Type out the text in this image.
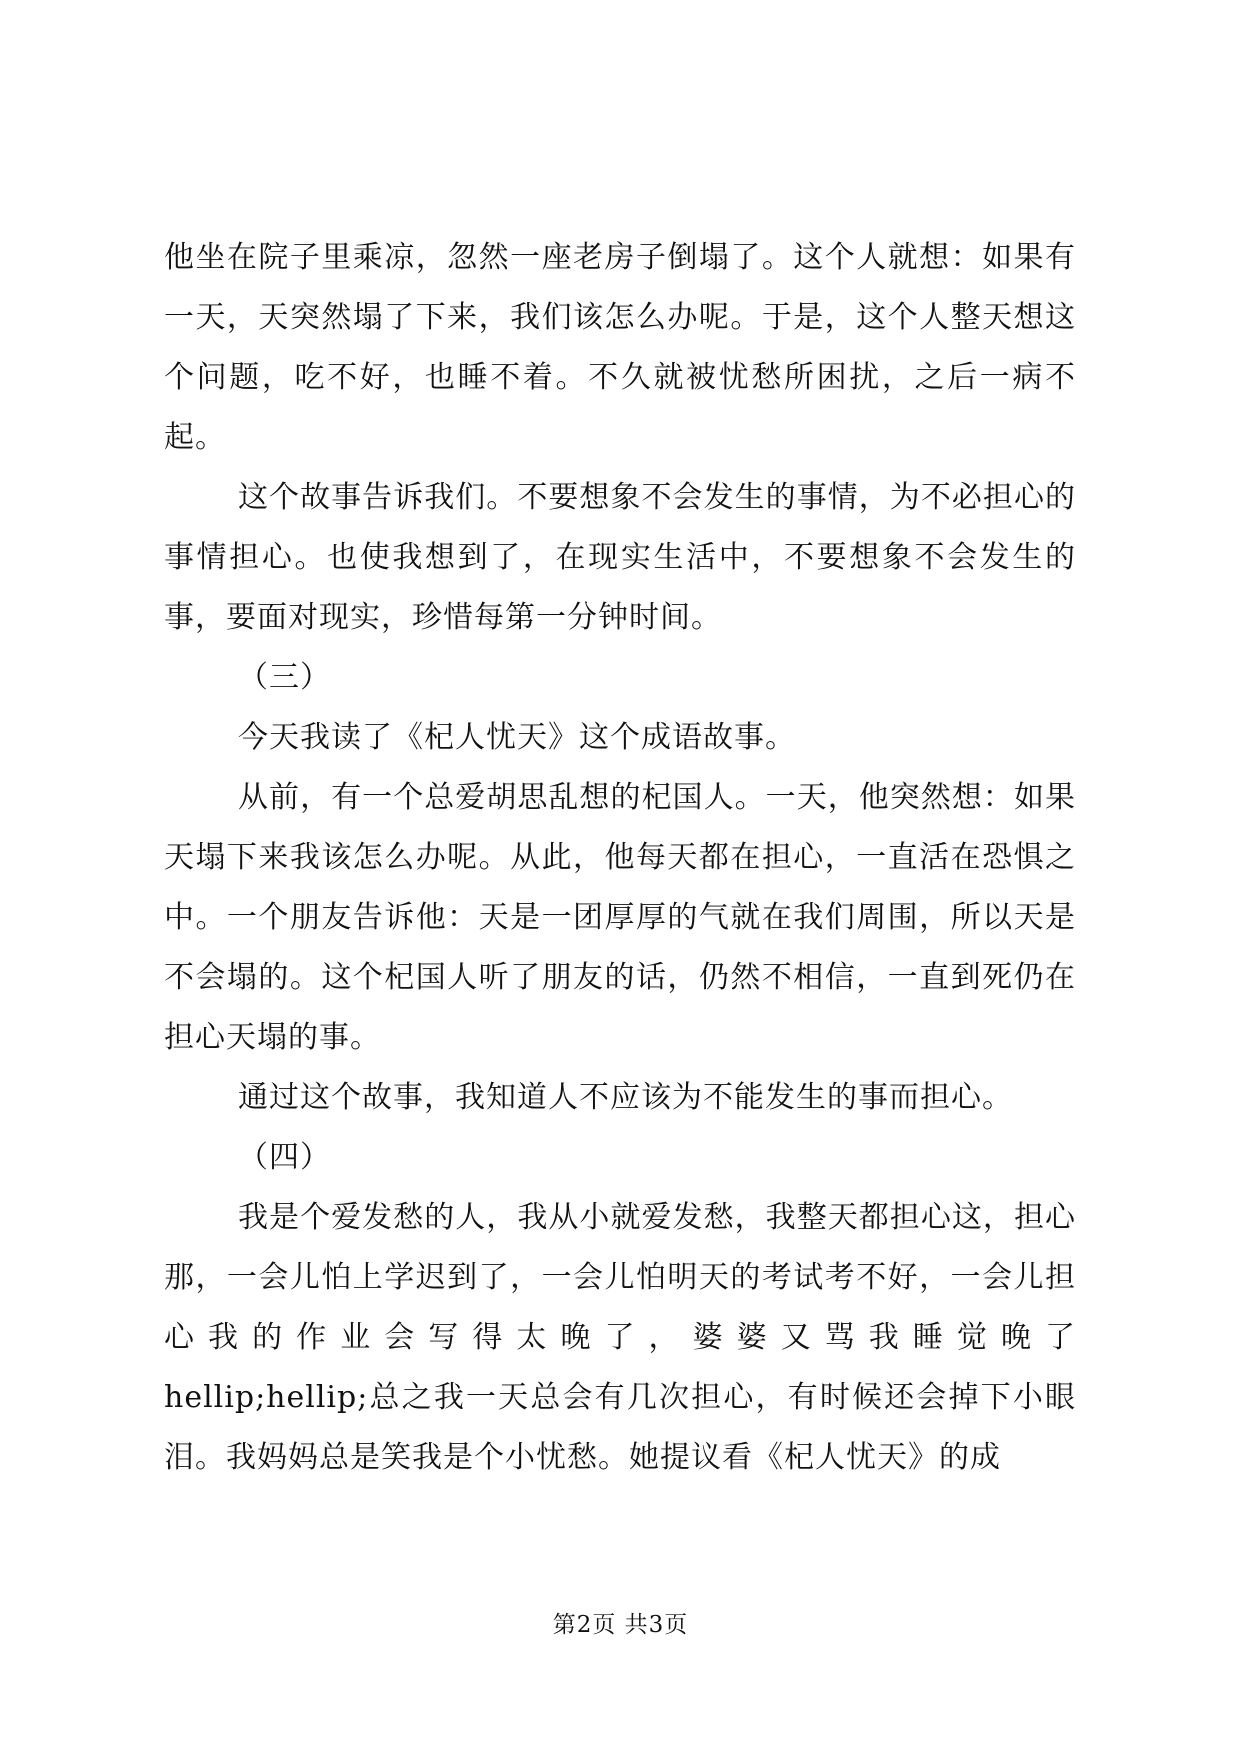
他坐在院子里乘凉，忽然一座老房子倒塌了。这个人就想：如果有一天，天突然塌了下来，我们该怎么办呢。于是，这个人整天想这个问题，吃不好，也睡不着。不久就被忧愁所困扰，之后一病不起。

这个故事告诉我们。不要想象不会发生的事情，为不必担心的事情担心。也使我想到了，在现实生活中，不要想象不会发生的事，要面对现实，珍惜每第一分钟时间。

（三）

今天我读了《杞人忧天》这个成语故事。

从前，有一个总爱胡思乱想的杞国人。一天，他突然想：如果天塌下来我该怎么办呢。从此，他每天都在担心，一直活在恐惧之中。一个朋友告诉他：天是一团厚厚的气就在我们周围，所以天是不会塌的。这个杞国人听了朋友的话，仍然不相信，一直到死仍在担心天塌的事。

通过这个故事，我知道人不应该为不能发生的事而担心。

（四）

我是个爱发愁的人，我从小就爱发愁，我整天都担心这，担心那，一会儿怕上学迟到了，一会儿怕明天的考试考不好，一会儿担心我的作业会写得太晚了，婆婆又骂我睡觉晚了

hellip;hellip;总之我一天总会有几次担心，有时候还会掉下小眼泪。我妈妈总是笑我是个小忧愁。她提议看《杞人忧天》的成

第2页 共3页
